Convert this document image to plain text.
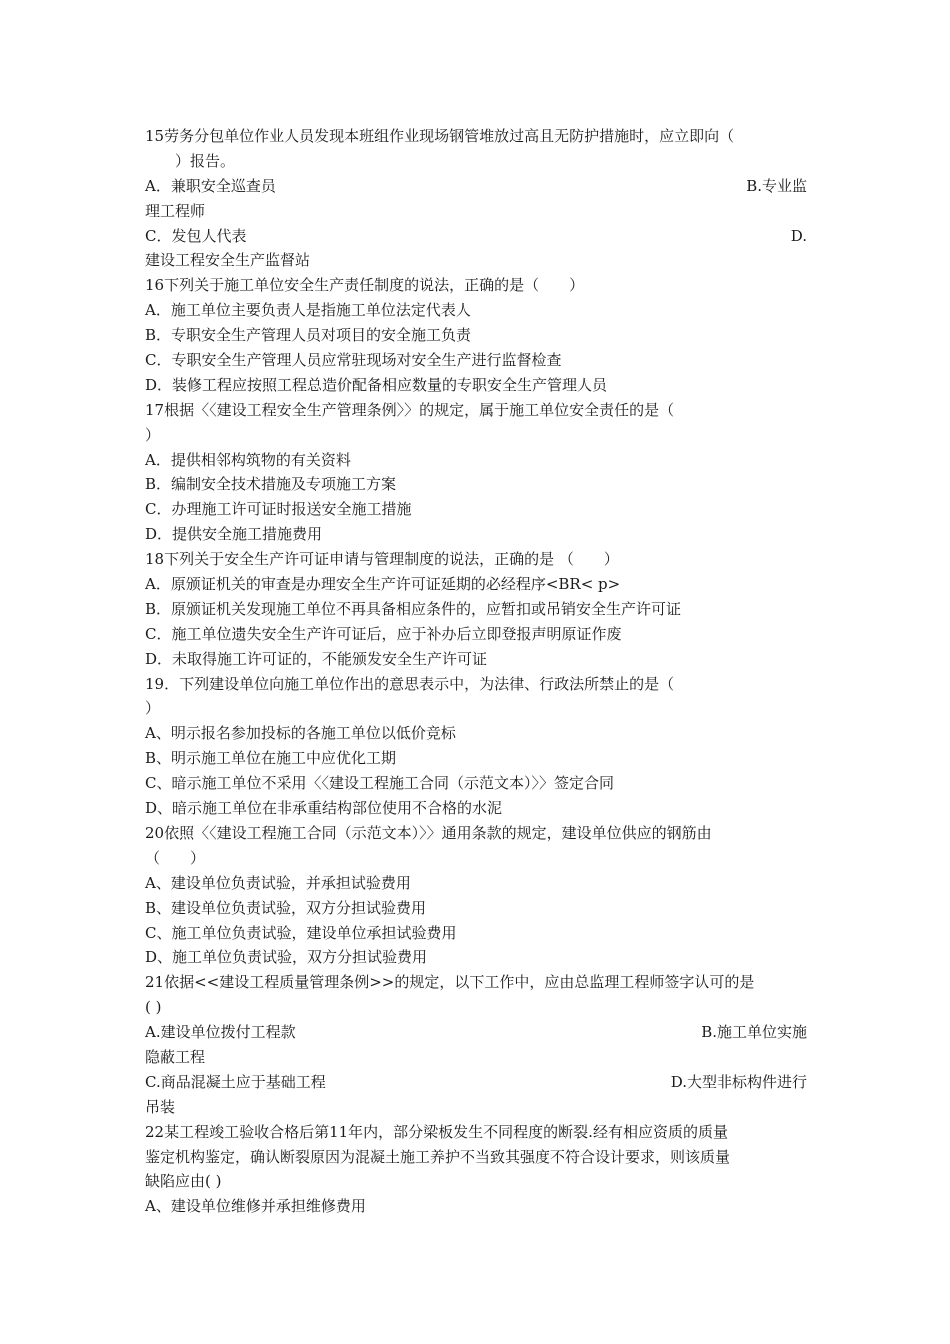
15劳务分包单位作业人员发现本班组作业现场钢管堆放过高且无防护措施时，应立即向（
）报告。
A．兼职安全巡查员	B.专业监
理工程师
C．发包人代表	D.
建设工程安全生产监督站
16下列关于施工单位安全生产责任制度的说法，正确的是（　　）
A．施工单位主要负责人是指施工单位法定代表人
B．专职安全生产管理人员对项目的安全施工负责
C．专职安全生产管理人员应常驻现场对安全生产进行监督检查
D．装修工程应按照工程总造价配备相应数量的专职安全生产管理人员
17根据〈〈建设工程安全生产管理条例〉〉的规定，属于施工单位安全责任的是（
）
A．提供相邻构筑物的有关资料
B．编制安全技术措施及专项施工方案
C．办理施工许可证时报送安全施工措施
D．提供安全施工措施费用
18下列关于安全生产许可证申请与管理制度的说法，正确的是 （　　）
A．原颁证机关的审查是办理安全生产许可证延期的必经程序<BR< p>
B．原颁证机关发现施工单位不再具备相应条件的，应暂扣或吊销安全生产许可证
C．施工单位遗失安全生产许可证后，应于补办后立即登报声明原证作废
D．未取得施工许可证的，不能颁发安全生产许可证
19．下列建设单位向施工单位作出的意思表示中，为法律、行政法所禁止的是（
）
A、明示报名参加投标的各施工单位以低价竞标
B、明示施工单位在施工中应优化工期
C、暗示施工单位不采用〈〈建设工程施工合同（示范文本）〉〉签定合同
D、暗示施工单位在非承重结构部位使用不合格的水泥
20依照〈〈建设工程施工合同（示范文本）〉〉通用条款的规定，建设单位供应的钢筋由
（　　）
A、建设单位负责试验，并承担试验费用
B、建设单位负责试验，双方分担试验费用
C、施工单位负责试验，建设单位承担试验费用
D、施工单位负责试验，双方分担试验费用
21依据<<建设工程质量管理条例>>的规定，以下工作中，应由总监理工程师签字认可的是
( )
A.建设单位拨付工程款	B.施工单位实施
隐蔽工程
C.商品混凝土应于基础工程	D.大型非标构件进行
吊装
22某工程竣工验收合格后第11年内，部分梁板发生不同程度的断裂.经有相应资质的质量
鉴定机构鉴定，确认断裂原因为混凝土施工养护不当致其强度不符合设计要求，则该质量
缺陷应由( )
A、建设单位维修并承担维修费用
